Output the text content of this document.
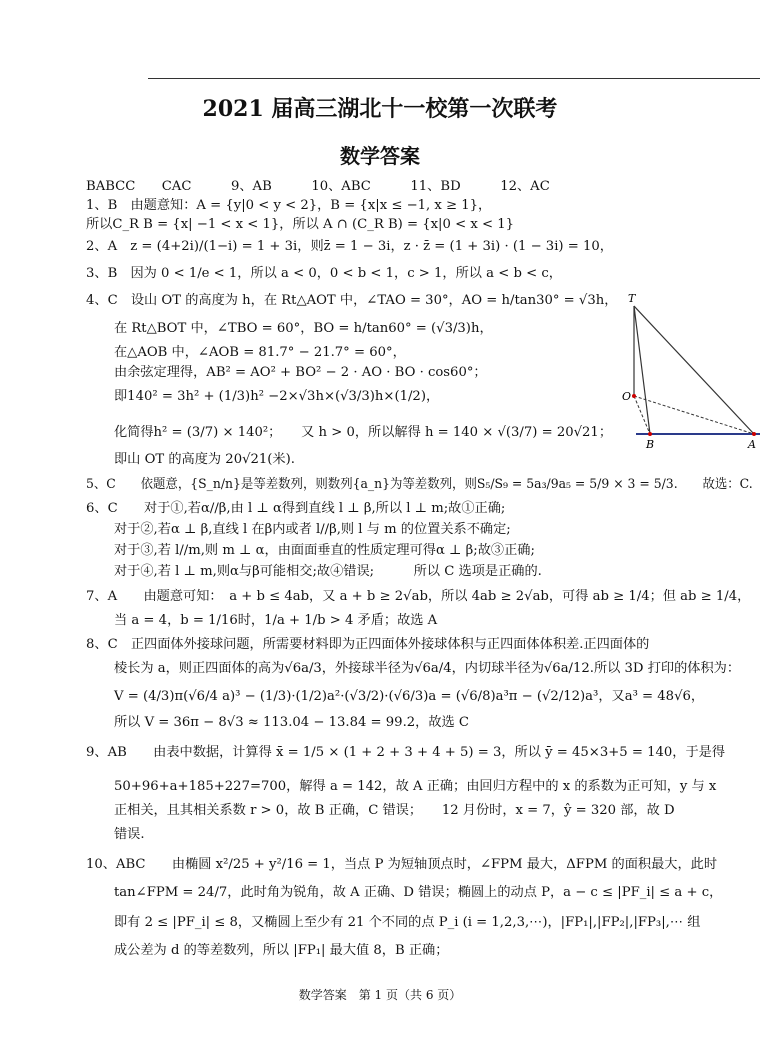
2021 届高三湖北十一校第一次联考
数学答案
BABCC　　CAC　　　9、AB　　　10、ABC　　　11、BD　　　12、AC
1、B　由题意知：A = {y|0 < y < 2}，B = {x|x ≤ −1, x ≥ 1}，
所以C_R B = {x| −1 < x < 1}，所以 A ∩ (C_R B) = {x|0 < x < 1}
2、A　z = (4+2i)/(1−i) = 1 + 3i，则z̄ = 1 − 3i，z · z̄ = (1 + 3i) · (1 − 3i) = 10，
3、B　因为 0 < 1/e < 1，所以 a < 0，0 < b < 1，c > 1，所以 a < b < c，
4、C　设山 OT 的高度为 h，在 Rt△AOT 中，∠TAO = 30°，AO = h/tan30° = √3h，
在 Rt△BOT 中，∠TBO = 60°，BO = h/tan60° = (√3/3)h，
在△AOB 中，∠AOB = 81.7° − 21.7° = 60°，
由余弦定理得，AB² = AO² + BO² − 2 · AO · BO · cos60°；
即140² = 3h² + (1/3)h² −2×√3h×(√3/3)h×(1/2)，
化简得h² = (3/7) × 140²；　　又 h > 0，所以解得 h = 140 × √(3/7) = 20√21；
即山 OT 的高度为 20√21(米).
5、C　　依题意，{S_n/n}是等差数列，则数列{a_n}为等差数列，则S₅/S₉ = 5a₃/9a₅ = 5/9 × 3 = 5/3.　　故选：C.
6、C　　对于①,若α//β,由 l ⊥ α得到直线 l ⊥ β,所以 l ⊥ m;故①正确;
对于②,若α ⊥ β,直线 l 在β内或者 l//β,则 l 与 m 的位置关系不确定;
对于③,若 l//m,则 m ⊥ α，由面面垂直的性质定理可得α ⊥ β;故③正确;
对于④,若 l ⊥ m,则α与β可能相交;故④错误;　　　所以 C 选项是正确的.
7、A　　由题意可知：　a + b ≤ 4ab，又 a + b ≥ 2√ab，所以 4ab ≥ 2√ab，可得 ab ≥ 1/4；但 ab ≥ 1/4，
当 a = 4，b = 1/16时，1/a + 1/b > 4 矛盾；故选 A
8、C　正四面体外接球问题，所需要材料即为正四面体外接球体积与正四面体体积差.正四面体的
棱长为 a，则正四面体的高为√6a/3，外接球半径为√6a/4，内切球半径为√6a/12.所以 3D 打印的体积为：
V = (4/3)π(√6/4 a)³ − (1/3)·(1/2)a²·(√3/2)·(√6/3)a = (√6/8)a³π − (√2/12)a³，又a³ = 48√6，
所以 V = 36π − 8√3 ≈ 113.04 − 13.84 = 99.2，故选 C
9、AB　　由表中数据，计算得 x̄ = 1/5 × (1 + 2 + 3 + 4 + 5) = 3，所以 ȳ = 45×3+5 = 140，于是得
50+96+a+185+227=700，解得 a = 142，故 A 正确；由回归方程中的 x 的系数为正可知，y 与 x
正相关，且其相关系数 r > 0，故 B 正确，C 错误；　　12 月份时，x = 7，ŷ = 320 部，故 D
错误.
10、ABC　　由椭圆 x²/25 + y²/16 = 1，当点 P 为短轴顶点时，∠FPM 最大，ΔFPM 的面积最大，此时
tan∠FPM = 24/7，此时角为锐角，故 A 正确、D 错误；椭圆上的动点 P，a − c ≤ |PF_i| ≤ a + c，
即有 2 ≤ |PF_i| ≤ 8，又椭圆上至少有 21 个不同的点 P_i (i = 1,2,3,⋯)，|FP₁|,|FP₂|,|FP₃|,⋯ 组
成公差为 d 的等差数列，所以 |FP₁| 最大值 8，B 正确；
T
O
B	A
数学答案　第 1 页（共 6 页）
